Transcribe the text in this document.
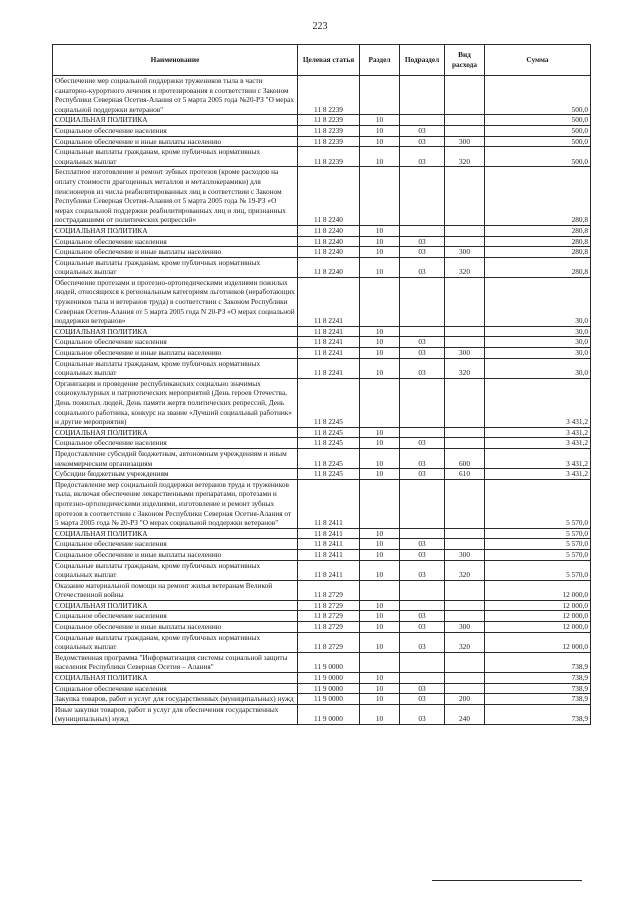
223
Наименование	Целевая статья	Раздел	Подраздел	Вид расхода	Сумма
Обеспечение мер социальной поддержки тружеников тыла в части санаторно-курортного лечения и протезирования в соответствии с Законом Республики Северная Осетия-Алания от 5 марта 2005 года №20-РЗ "О мерах социальной поддержки ветеранов"	11 8 2239				500,0
СОЦИАЛЬНАЯ ПОЛИТИКА	11 8 2239	10			500,0
Социальное обеспечение населения	11 8 2239	10	03		500,0
Социальное обеспечение и иные выплаты населению	11 8 2239	10	03	300	500,0
Социальные выплаты гражданам, кроме публичных нормативных социальных выплат	11 8 2239	10	03	320	500,0
Бесплатное изготовление и ремонт зубных протезов (кроме расходов на оплату стоимости драгоценных металлов и металлокерамики) для пенсионеров из числа реабилитированных лиц в соответствии с Законом Республики Северная Осетия-Алания от 5 марта 2005 года № 19-РЗ «О мерах социальной поддержки реабилитированных лиц и лиц, признанных пострадавшими от политических репрессий»	11 8 2240				280,8
СОЦИАЛЬНАЯ ПОЛИТИКА	11 8 2240	10			280,8
Социальное обеспечение населения	11 8 2240	10	03		280,8
Социальное обеспечение и иные выплаты населению	11 8 2240	10	03	300	280,8
Социальные выплаты гражданам, кроме публичных нормативных социальных выплат	11 8 2240	10	03	320	280,8
Обеспечение протезами и протезно-ортопедическими изделиями пожилых людей, относящихся к региональным категориям льготников (неработающих тружеников тыла и ветеранов труда) в соответствии с Законом Республики Северная Осетия-Алания от 5 марта 2005 года N 20-РЗ «О мерах социальной поддержки ветеранов»	11 8 2241				30,0
СОЦИАЛЬНАЯ ПОЛИТИКА	11 8 2241	10			30,0
Социальное обеспечение населения	11 8 2241	10	03		30,0
Социальное обеспечение и иные выплаты населению	11 8 2241	10	03	300	30,0
Социальные выплаты гражданам, кроме публичных нормативных социальных выплат	11 8 2241	10	03	320	30,0
Организация и проведение республиканских социально значимых социокультурных и патриотических мероприятий (День героев Отечества, День пожилых людей, День памяти жертв политических репрессий, День социального работника, конкурс на звание «Лучший социальный работник» и другие мероприятия)	11 8 2245				3 431,2
СОЦИАЛЬНАЯ ПОЛИТИКА	11 8 2245	10			3 431,2
Социальное обеспечение населения	11 8 2245	10	03		3 431,2
Предоставление субсидий бюджетным, автономным учреждениям и иным некоммерческим организациям	11 8 2245	10	03	600	3 431,2
Субсидии бюджетным учреждениям	11 8 2245	10	03	610	3 431,2
Предоставление мер социальной поддержки ветеранов труда и тружеников тыла, включая обеспечение лекарственными препаратами, протезами и протезно-ортопедическими изделиями, изготовление и ремонт зубных протезов в соответствии с Законом Республики Северная Осетия-Алания от 5 марта 2005 года № 20-РЗ "О мерах социальной поддержки ветеранов"	11 8 2411				5 570,0
СОЦИАЛЬНАЯ ПОЛИТИКА	11 8 2411	10			5 570,0
Социальное обеспечение населения	11 8 2411	10	03		5 570,0
Социальное обеспечение и иные выплаты населению	11 8 2411	10	03	300	5 570,0
Социальные выплаты гражданам, кроме публичных нормативных социальных выплат	11 8 2411	10	03	320	5 570,0
Оказание материальной помощи на ремонт жилья ветеранам Великой Отечественной войны	11 8 2729				12 000,0
СОЦИАЛЬНАЯ ПОЛИТИКА	11 8 2729	10			12 000,0
Социальное обеспечение населения	11 8 2729	10	03		12 000,0
Социальное обеспечение и иные выплаты населению	11 8 2729	10	03	300	12 000,0
Социальные выплаты гражданам, кроме публичных нормативных социальных выплат	11 8 2729	10	03	320	12 000,0
Ведомственная программа "Информатизация системы социальной защиты населения Республики Северная Осетия – Алания"	11 9 0000				738,9
СОЦИАЛЬНАЯ ПОЛИТИКА	11 9 0000	10			738,9
Социальное обеспечение населения	11 9 0000	10	03		738,9
Закупка товаров, работ и услуг для государственных (муниципальных) нужд	11 9 0000	10	03	200	738,9
Иные закупки товаров, работ и услуг для обеспечения государственных (муниципальных) нужд	11 9 0000	10	03	240	738,9
